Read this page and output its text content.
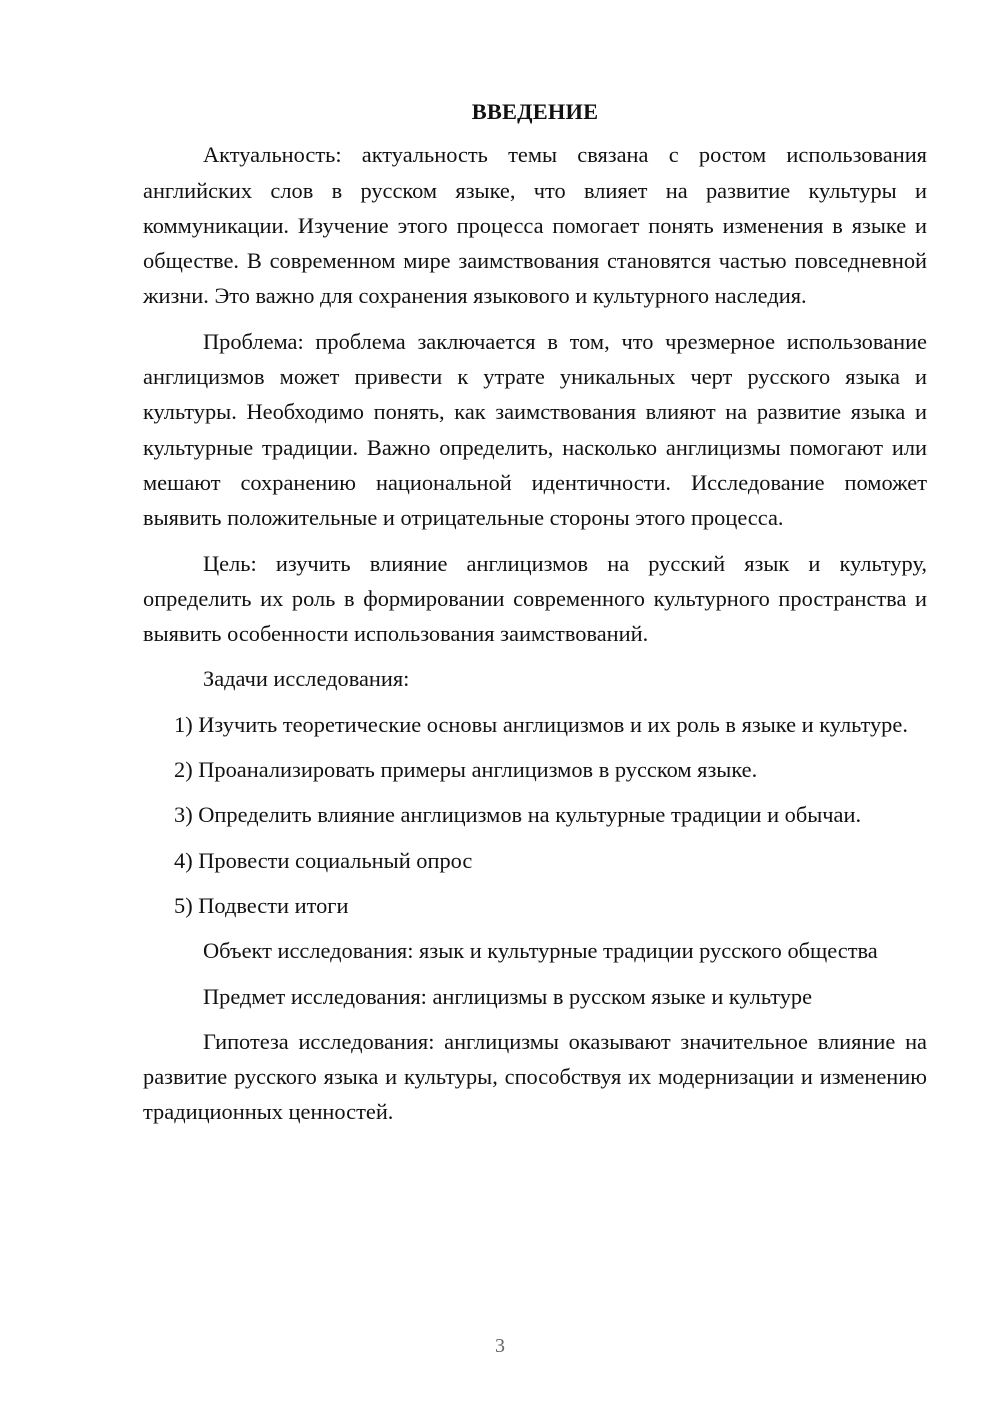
ВВЕДЕНИЕ

Актуальность: актуальность темы связана с ростом использования английских слов в русском языке, что влияет на развитие культуры и коммуникации. Изучение этого процесса помогает понять изменения в языке и обществе. В современном мире заимствования становятся частью повседневной жизни. Это важно для сохранения языкового и культурного наследия.

Проблема: проблема заключается в том, что чрезмерное использование англицизмов может привести к утрате уникальных черт русского языка и культуры. Необходимо понять, как заимствования влияют на развитие языка и культурные традиции. Важно определить, насколько англицизмы помогают или мешают сохранению национальной идентичности. Исследование поможет выявить положительные и отрицательные стороны этого процесса.

Цель: изучить влияние англицизмов на русский язык и культуру, определить их роль в формировании современного культурного пространства и выявить особенности использования заимствований.

Задачи исследования:

1) Изучить теоретические основы англицизмов и их роль в языке и культуре.

2) Проанализировать примеры англицизмов в русском языке.

3) Определить влияние англицизмов на культурные традиции и обычаи.

4) Провести социальный опрос

5) Подвести итоги

Объект исследования: язык и культурные традиции русского общества

Предмет исследования: англицизмы в русском языке и культуре

Гипотеза исследования: англицизмы оказывают значительное влияние на развитие русского языка и культуры, способствуя их модернизации и изменению традиционных ценностей.

3
